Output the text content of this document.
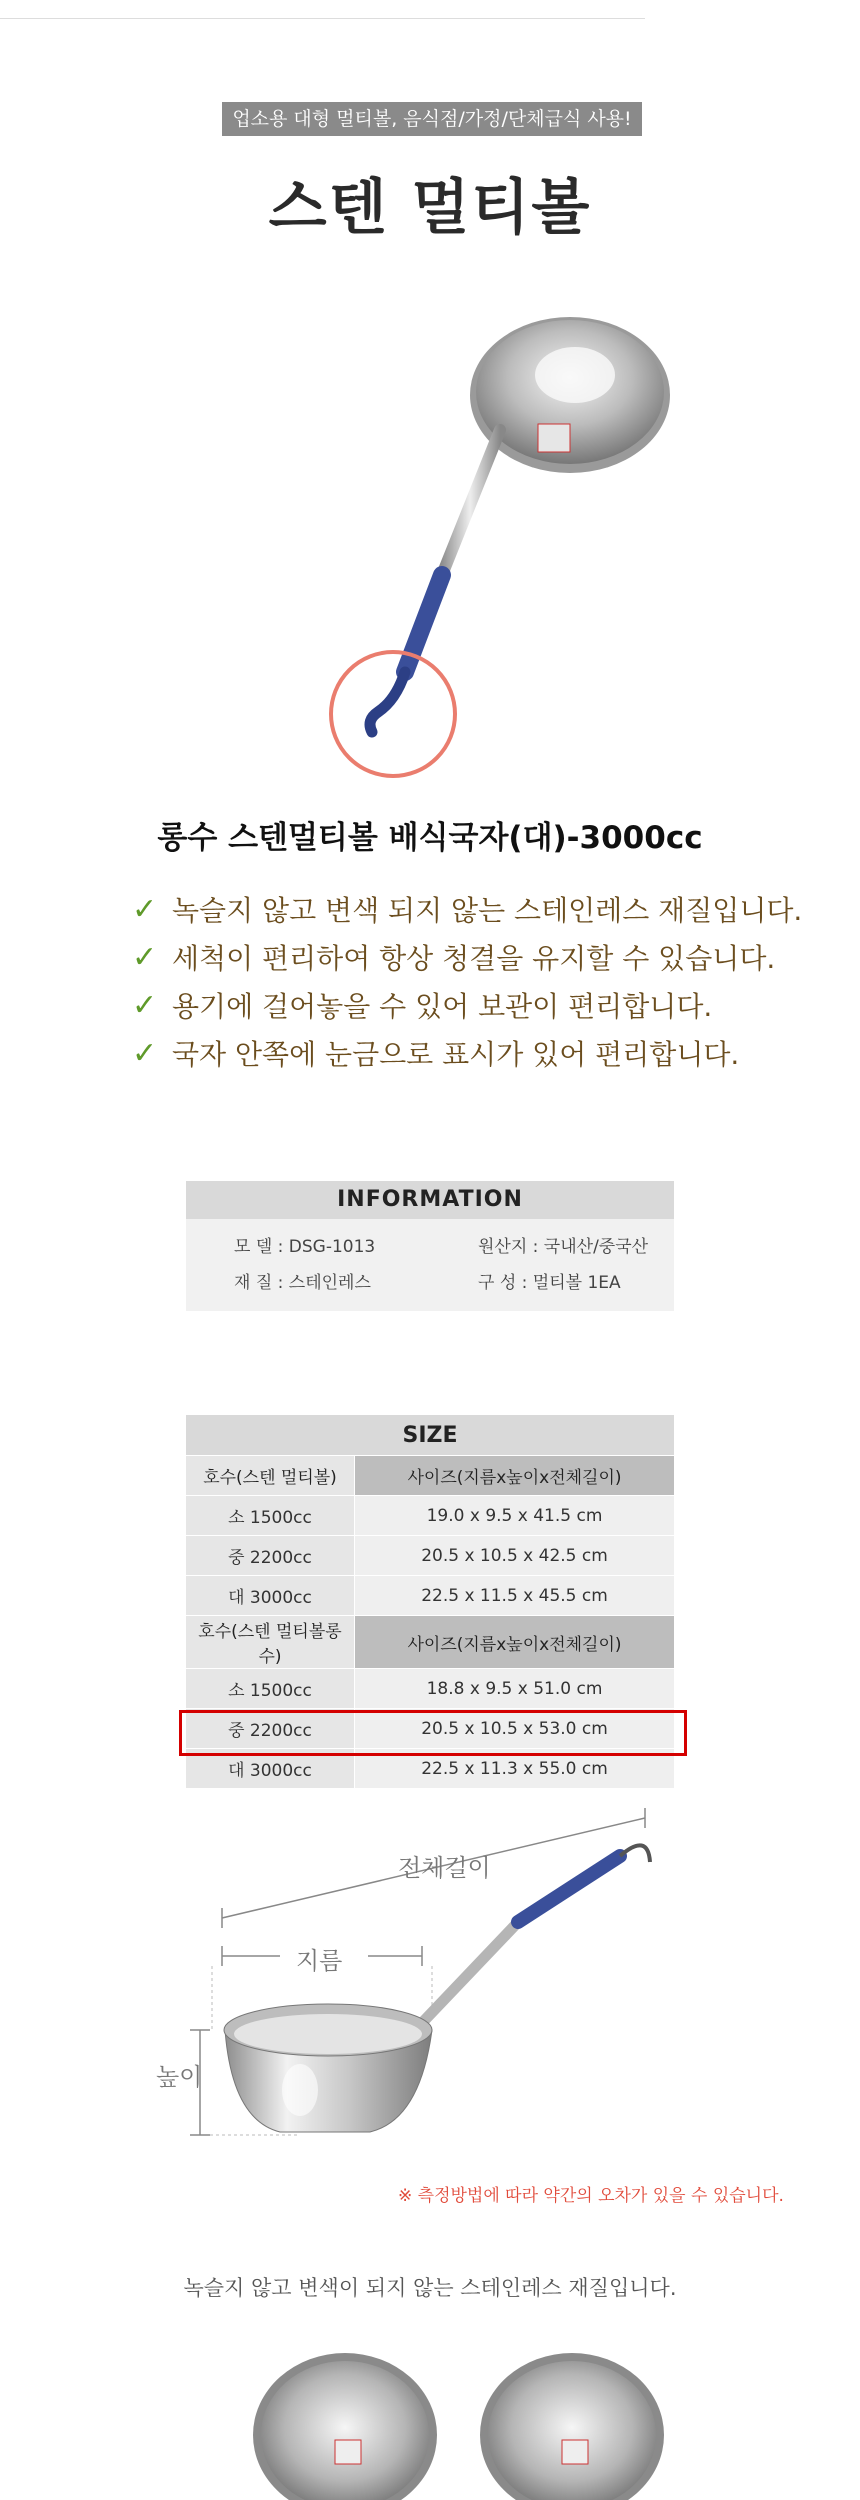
업소용 대형 멀티볼, 음식점/가정/단체급식 사용!
스텐 멀티볼
롱수 스텐멀티볼 배식국자(대)-3000cc
✓ 녹슬지 않고 변색 되지 않는 스테인레스 재질입니다.
✓ 세척이 편리하여 항상 청결을 유지할 수 있습니다.
✓ 용기에 걸어놓을 수 있어 보관이 편리합니다.
✓ 국자 안쪽에 눈금으로 표시가 있어 편리합니다.
INFORMATION
모 델 : DSG-1013	원산지 : 국내산/중국산
재 질 : 스테인레스	구 성 : 멀티볼 1EA
SIZE	
호수(스텐 멀티볼)	사이즈(지름x높이x전체길이)
소 1500cc	19.0 x 9.5 x 41.5 cm
중 2200cc	20.5 x 10.5 x 42.5 cm
대 3000cc	22.5 x 11.5 x 45.5 cm
호수(스텐 멀티볼롱수)	사이즈(지름x높이x전체길이)
소 1500cc	18.8 x 9.5 x 51.0 cm
중 2200cc	20.5 x 10.5 x 53.0 cm
대 3000cc	22.5 x 11.3 x 55.0 cm
전체길이
지름
높이
※ 측정방법에 따라 약간의 오차가 있을 수 있습니다.
녹슬지 않고 변색이 되지 않는 스테인레스 재질입니다.
